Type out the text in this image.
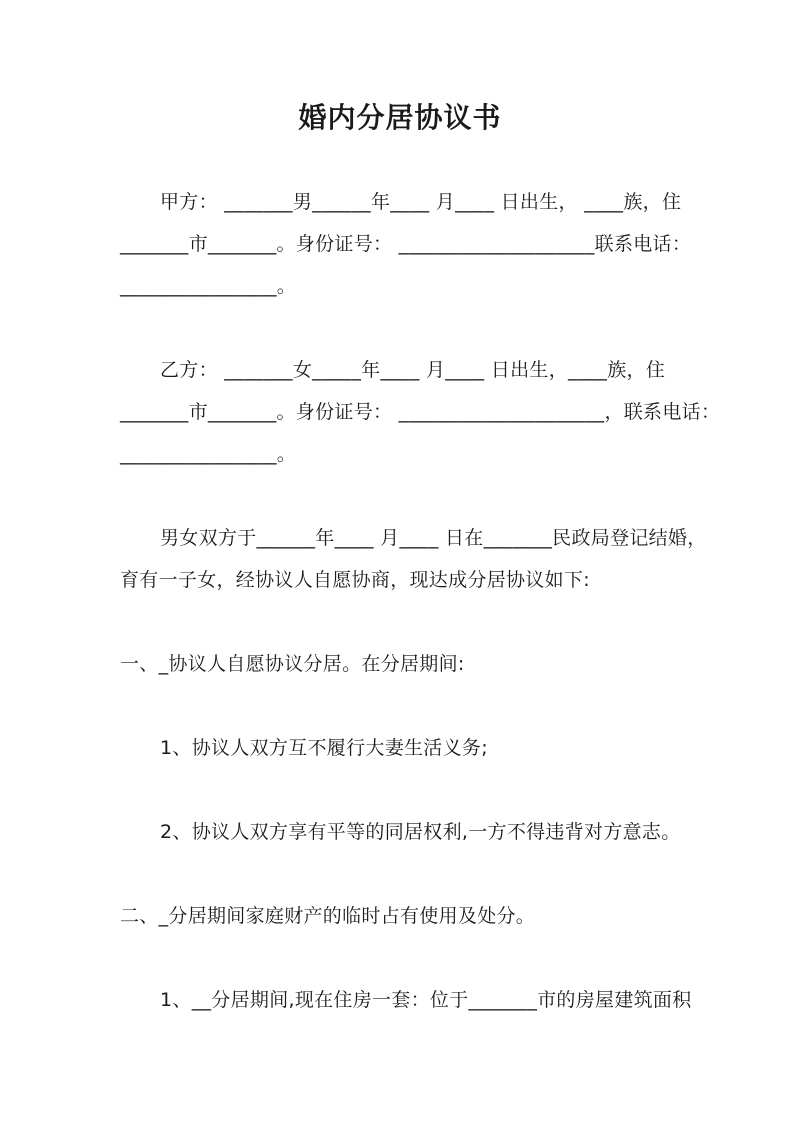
婚内分居协议书
甲方： _______男______年____ 月____ 日出生， ____族，住
_______市_______。身份证号： ____________________联系电话：
________________。
乙方： _______女_____年____ 月____ 日出生，____族，住
_______市_______。身份证号： _____________________，联系电话：
________________。
男女双方于______年____ 月____ 日在_______民政局登记结婚，
育有一子女，经协议人自愿协商，现达成分居协议如下:
一、_协议人自愿协议分居。在分居期间:
1、协议人双方互不履行大妻生活义务;
2、协议人双方享有平等的同居权利,一方不得违背对方意志。
二、_分居期间家庭财产的临时占有使用及处分。
1、__分居期间,现在住房一套：位于_______市的房屋建筑面积
